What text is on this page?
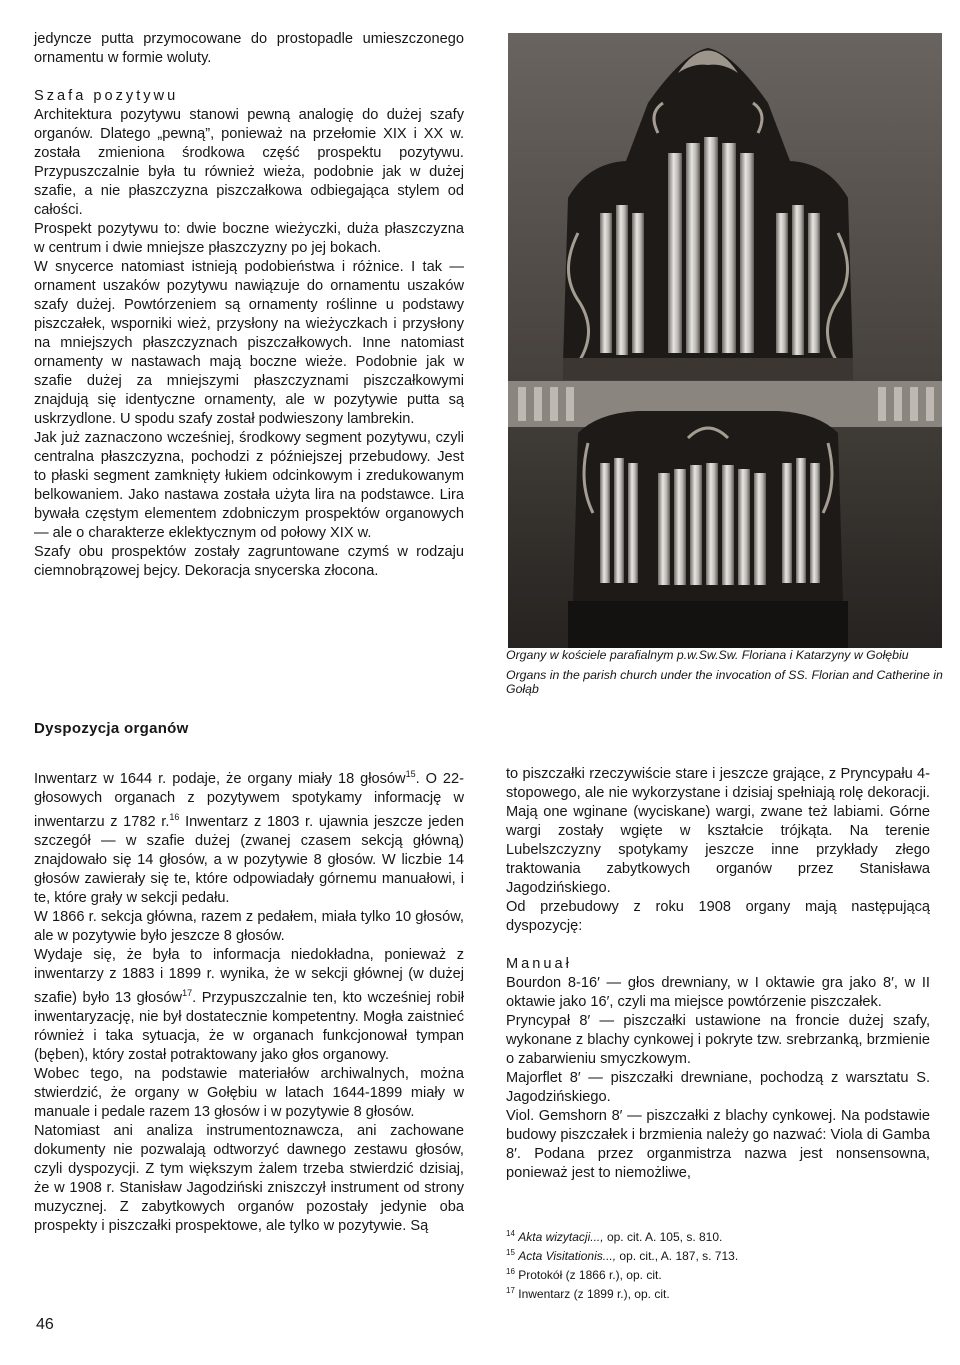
jedyncze putta przymocowane do prostopadle umieszczonego ornamentu w formie woluty.

Szafa pozytywu

Architektura pozytywu stanowi pewną analogię do dużej szafy organów. Dlatego „pewną”, ponieważ na przełomie XIX i XX w. została zmieniona środkowa część prospektu pozytywu. Przypuszczalnie była tu również wieża, podobnie jak w dużej szafie, a nie płaszczyzna piszczałkowa odbiegająca stylem od całości.

Prospekt pozytywu to: dwie boczne wieżyczki, duża płaszczyzna w centrum i dwie mniejsze płaszczyzny po jej bokach.

W snycerce natomiast istnieją podobieństwa i różnice. I tak — ornament uszaków pozytywu nawiązuje do ornamentu uszaków szafy dużej. Powtórzeniem są ornamenty roślinne u podstawy piszczałek, wsporniki wież, przysłony na wieżyczkach i przysłony na mniejszych płaszczyznach piszczałkowych. Inne natomiast ornamenty w nastawach mają boczne wieże. Podobnie jak w szafie dużej za mniejszymi płaszczyznami piszczałkowymi znajdują się identyczne ornamenty, ale w pozytywie putta są uskrzydlone. U spodu szafy został podwieszony lambrekin.

Jak już zaznaczono wcześniej, środkowy segment pozytywu, czyli centralna płaszczyzna, pochodzi z późniejszej przebudowy. Jest to płaski segment zamknięty łukiem odcinkowym i zredukowanym belkowaniem. Jako nastawa została użyta lira na podstawce. Lira bywała częstym elementem zdobniczym prospektów organowych — ale o charakterze eklektycznym od połowy XIX w.

Szafy obu prospektów zostały zagruntowane czymś w rodzaju ciemnobrązowej bejcy. Dekoracja snycerska złocona.

Organy w kościele parafialnym p.w.Sw.Sw. Floriana i Katarzyny w Gołębiu

Organs in the parish church under the invocation of SS. Florian and Catherine in Gołąb

Dyspozycja organów

Inwentarz w 1644 r. podaje, że organy miały 18 głosów$^{15}$. O 22-głosowych organach z pozytywem spotykamy informację w inwentarzu z 1782 r.$^{16}$ Inwentarz z 1803 r. ujawnia jeszcze jeden szczegół — w szafie dużej (zwanej czasem sekcją główną) znajdowało się 14 głosów, a w pozytywie 8 głosów. W liczbie 14 głosów zawierały się te, które odpowiadały górnemu manuałowi, i te, które grały w sekcji pedału.

W 1866 r. sekcja główna, razem z pedałem, miała tylko 10 głosów, ale w pozytywie było jeszcze 8 głosów.

Wydaje się, że była to informacja niedokładna, ponieważ z inwentarzy z 1883 i 1899 r. wynika, że w sekcji głównej (w dużej szafie) było 13 głosów$^{17}$. Przypuszczalnie ten, kto wcześniej robił inwentaryzację, nie był dostatecznie kompetentny. Mogła zaistnieć również i taka sytuacja, że w organach funkcjonował tympan (bęben), który został potraktowany jako głos organowy.

Wobec tego, na podstawie materiałów archiwalnych, można stwierdzić, że organy w Gołębiu w latach 1644-1899 miały w manuale i pedale razem 13 głosów i w pozytywie 8 głosów.

Natomiast ani analiza instrumentoznawcza, ani zachowane dokumenty nie pozwalają odtworzyć dawnego zestawu głosów, czyli dyspozycji. Z tym większym żalem trzeba stwierdzić dzisiaj, że w 1908 r. Stanisław Jagodziński zniszczył instrument od strony muzycznej. Z zabytkowych organów pozostały jedynie oba prospekty i piszczałki prospektowe, ale tylko w pozytywie. Są

to piszczałki rzeczywiście stare i jeszcze grające, z Pryncypału 4-stopowego, ale nie wykorzystane i dzisiaj spełniają rolę dekoracji. Mają one wginane (wyciskane) wargi, zwane też labiami. Górne wargi zostały wgięte w kształcie trójkąta. Na terenie Lubelszczyzny spotykamy jeszcze inne przykłady złego traktowania zabytkowych organów przez Stanisława Jagodzińskiego.

Od przebudowy z roku 1908 organy mają następującą dyspozycję:

Manuał

Bourdon 8-16′ — głos drewniany, w I oktawie gra jako 8′, w II oktawie jako 16′, czyli ma miejsce powtórzenie piszczałek.

Pryncypał 8′ — piszczałki ustawione na froncie dużej szafy, wykonane z blachy cynkowej i pokryte tzw. srebrzanką, brzmienie o zabarwieniu smyczkowym.

Majorflet 8′ — piszczałki drewniane, pochodzą z warsztatu S. Jagodzińskiego.

Viol. Gemshorn 8′ — piszczałki z blachy cynkowej. Na podstawie budowy piszczałek i brzmienia należy go nazwać: Viola di Gamba 8′. Podana przez organmistrza nazwa jest nonsensowna, ponieważ jest to niemożliwe,

$^{14}$ Akta wizytacji..., op. cit. A. 105, s. 810.

$^{15}$ Acta Visitationis..., op. cit., A. 187, s. 713.

$^{16}$ Protokół (z 1866 r.), op. cit.

$^{17}$ Inwentarz (z 1899 r.), op. cit.

46
